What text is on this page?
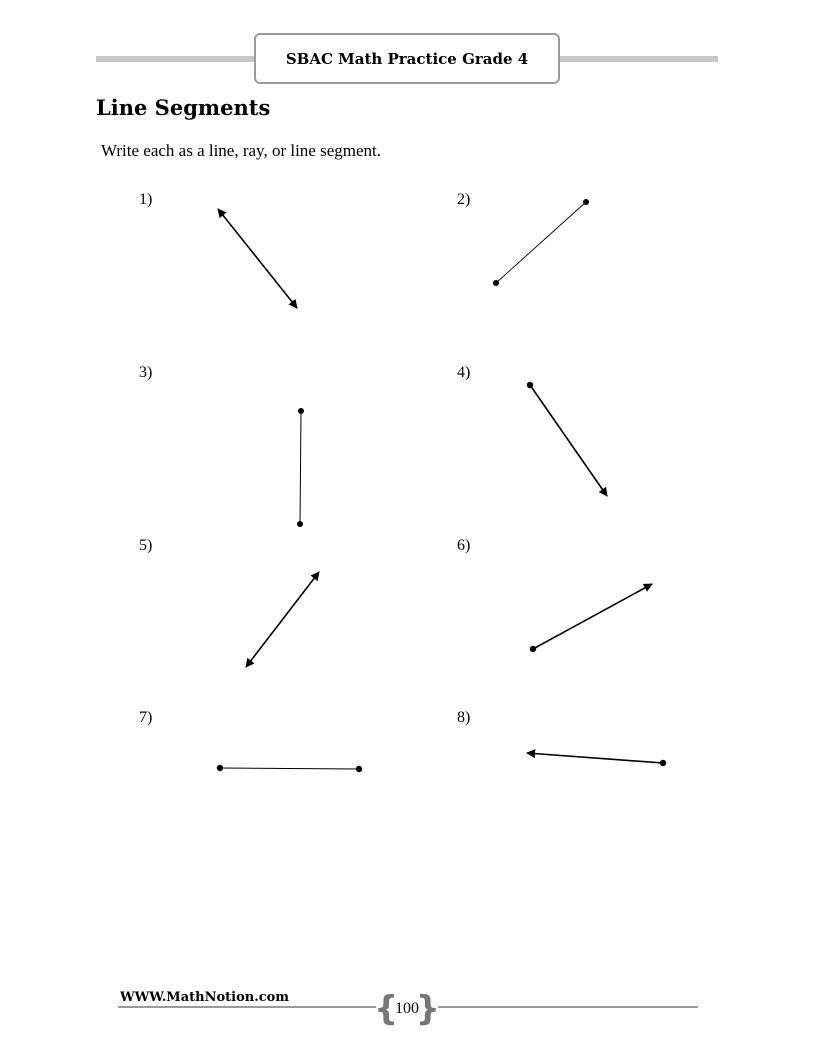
SBAC Math Practice Grade 4
Line Segments
Write each as a line, ray, or line segment.
1)	2)
3)	4)
5)	6)
7)	8)
WWW.MathNotion.com {
100
}
